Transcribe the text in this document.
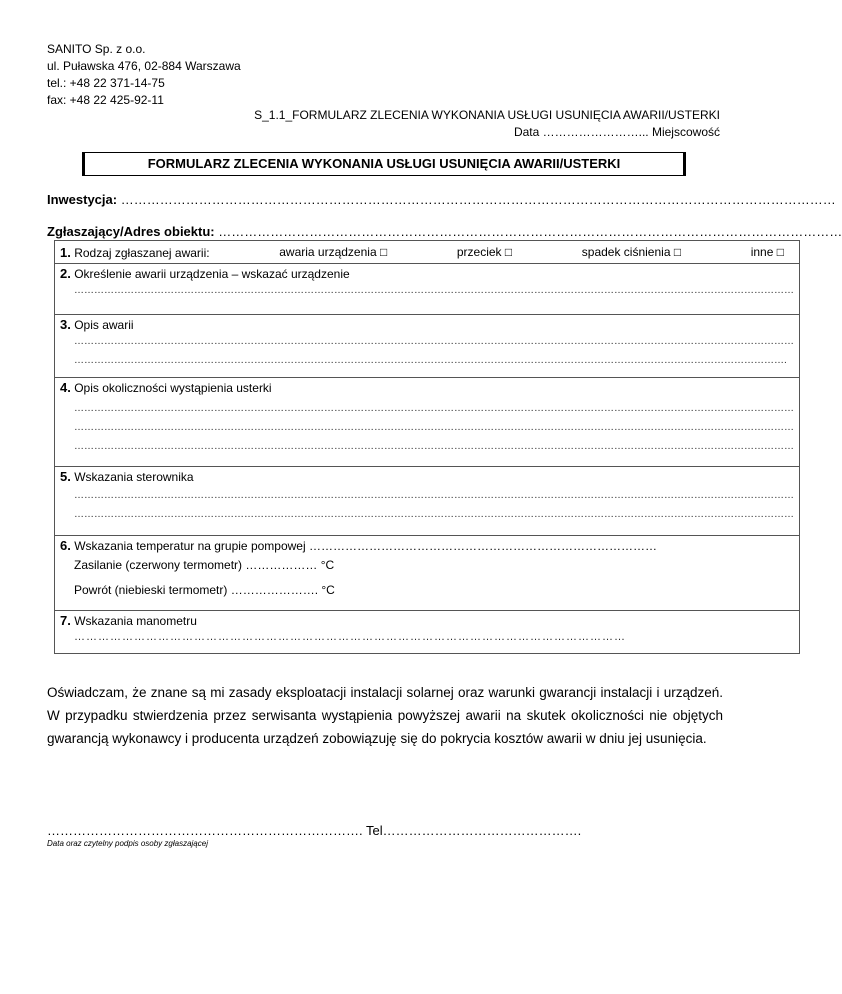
SANITO Sp. z o.o.
ul. Puławska 476, 02-884 Warszawa
tel.: +48 22 371-14-75
fax: +48 22 425-92-11
S_1.1_FORMULARZ ZLECENIA WYKONANIA USŁUGI USUNIĘCIA AWARII/USTERKI
Data ……………………... Miejscowość
FORMULARZ ZLECENIA WYKONANIA USŁUGI USUNIĘCIA AWARII/USTERKI
Inwestycja: …………………………………………………………………………………………………………………………………………………
Zgłaszający/Adres obiektu: ………………………………………………………………………………………………………………………………
1. Rodzaj zgłaszanej awarii:	awaria urządzenia □	przeciek □	spadek ciśnienia □	inne □

2. Określenie awarii urządzenia – wskazać urządzenie
………………………………………………………………………………………………………………………………………………………………………………………………

3. Opis awarii
………………………………………………………………………………………………………………………………………………………………………………………………
…………………………………………………………………………………………………………………………………………………………………………………………….

4. Opis okoliczności wystąpienia usterki
………………………………………………………………………………………………………………………………………………………………………………………………
………………………………………………………………………………………………………………………………………………………………………………………………
………………………………………………………………………………………………………………………………………………………………………………………………

5. Wskazania sterownika
………………………………………………………………………………………………………………………………………………………………………………………………
………………………………………………………………………………………………………………………………………………………………………………………………

6. Wskazania temperatur na grupie pompowej ……………………………………………………………………………
Zasilanie (czerwony termometr) ……………… °C
Powrót (niebieski termometr) …………………. °C

7. Wskazania manometru
…………………………………………………………………………………………………………………………
Oświadczam, że znane są mi zasady eksploatacji instalacji solarnej oraz warunki gwarancji instalacji i urządzeń. W przypadku stwierdzenia przez serwisanta wystąpienia powyższej awarii na skutek okoliczności nie objętych gwarancją wykonawcy i producenta urządzeń zobowiązuję się do pokrycia kosztów awarii w dniu jej usunięcia.
………………………………………………………………. Tel……………………………………….
Data oraz czytelny podpis osoby zgłaszającej
